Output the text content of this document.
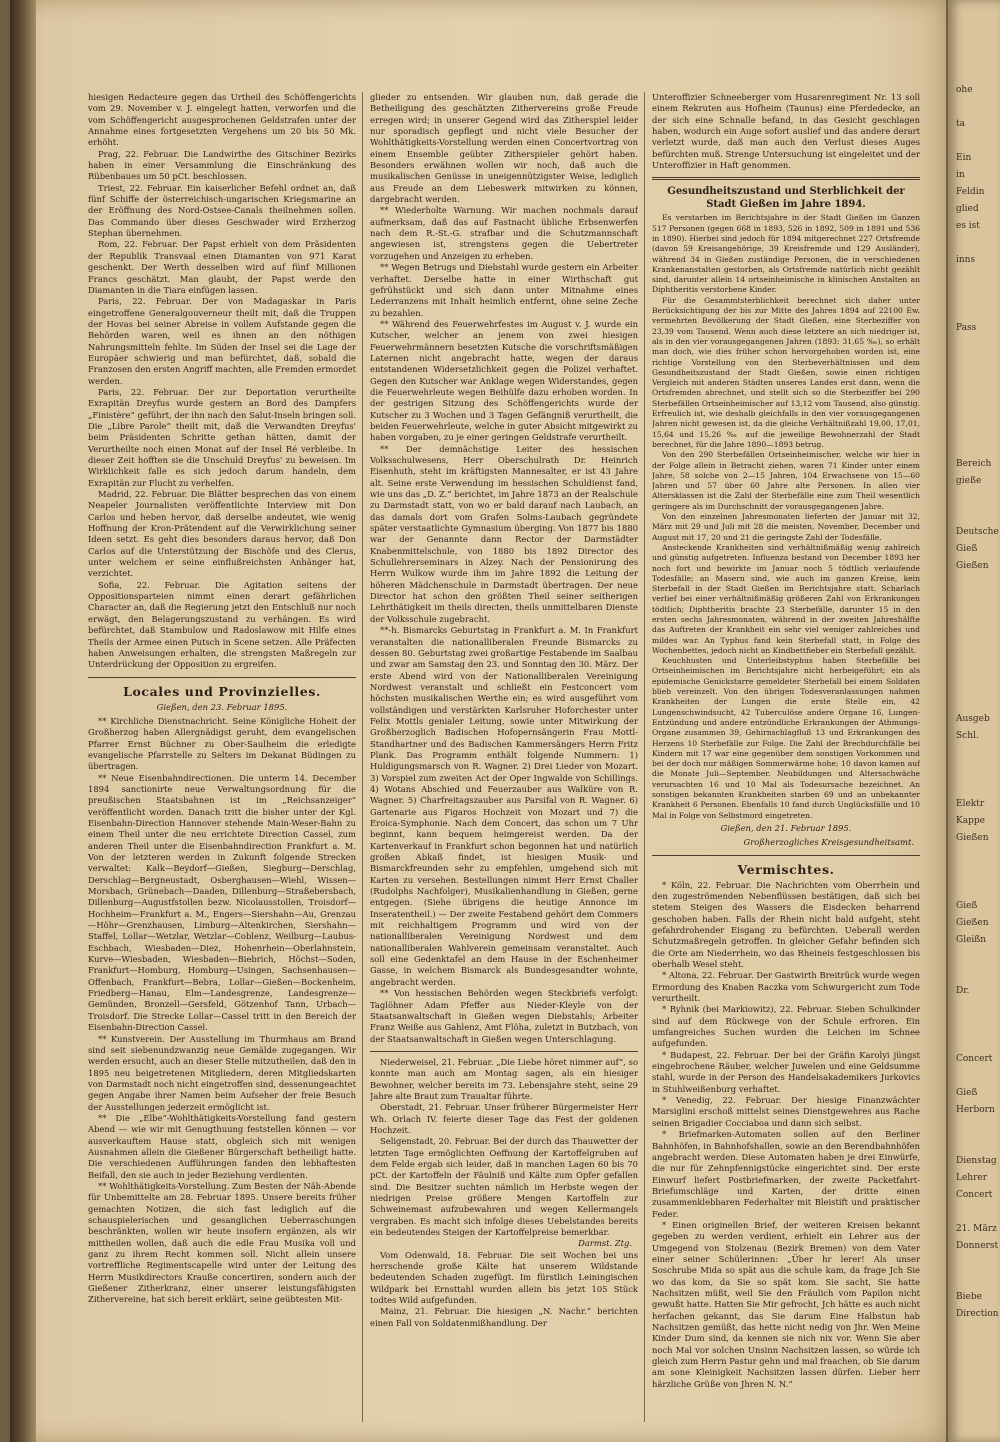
hiesigen Redacteure gegen das Urtheil des Schöffengerichts vom 29. November v. J. eingelegt hatten, verworfen und die vom Schöffengericht ausgesprochenen Geldstrafen unter der Annahme eines fortgesetzten Vergehens um 20 bis 50 Mk. erhöht.

Prag, 22. Februar. Die Landwirthe des Gitschiner Bezirks haben in einer Versammlung die Einschränkung des Rübenbaues um 50 pCt. beschlossen.

Triest, 22. Februar. Ein kaiserlicher Befehl ordnet an, daß fünf Schiffe der österreichisch-ungarischen Kriegsmarine an der Eröffnung des Nord-Ostsee-Canals theilnehmen sollen. Das Commando über dieses Geschwader wird Erzherzog Stephan übernehmen.

Rom, 22. Februar. Der Papst erhielt von dem Präsidenten der Republik Transvaal einen Diamanten von 971 Karat geschenkt. Der Werth desselben wird auf fünf Millionen Francs geschätzt. Man glaubt, der Papst werde den Diamanten in die Tiara einfügen lassen.

Paris, 22. Februar. Der von Madagaskar in Paris eingetroffene Generalgouverneur theilt mit, daß die Truppen der Hovas bei seiner Abreise in vollem Aufstande gegen die Behörden waren, weil es ihnen an den nöthigen Nahrungsmitteln fehlte. Im Süden der Insel sei die Lage der Europäer schwierig und man befürchtet, daß, sobald die Franzosen den ersten Angriff machten, alle Fremden ermordet werden.

Paris, 22. Februar. Der zur Deportation verurtheilte Exrapitän Dreyfus wurde gestern an Bord des Dampfers „Finistère“ geführt, der ihn nach den Salut-Inseln bringen soll. Die „Libre Parole“ theilt mit, daß die Verwandten Dreyfus' beim Präsidenten Schritte gethan hätten, damit der Verurtheilte noch einen Monat auf der Insel Ré verbleibe. In dieser Zeit hofften sie die Unschuld Dreyfus' zu beweisen. Im Wirklichkeit falle es sich jedoch darum handeln, dem Exrapitän zur Flucht zu verhelfen.

Madrid, 22. Februar. Die Blätter besprechen das von einem Neapeler Journalisten veröffentlichte Interview mit Don Carlos und heben hervor, daß derselbe andeutet, wie wenig Hoffnung der Kron-Prätendent auf die Verwirklichung seiner Ideen setzt. Es geht dies besonders daraus hervor, daß Don Carlos auf die Unterstützung der Bischöfe und des Clerus, unter welchem er seine einflußreichsten Anhänger hat, verzichtet.

Sofia, 22. Februar. Die Agitation seitens der Oppositionsparteien nimmt einen derart gefährlichen Character an, daß die Regierung jetzt den Entschluß nur noch erwägt, den Belagerungszustand zu verhängen. Es wird befürchtet, daß Stambulow und Radoslawow mit Hilfe eines Theils der Armee einen Putsch in Scene setzen. Alle Präfecten haben Anweisungen erhalten, die strengsten Maßregeln zur Unterdrückung der Opposition zu ergreifen.

Locales und Provinzielles.
Gießen, den 23. Februar 1895.

** Kirchliche Dienstnachricht. Seine Königliche Hoheit der Großherzog haben Allergnädigst geruht, dem evangelischen Pfarrer Ernst Büchner zu Ober-Saulheim die erledigte evangelische Pfarrstelle zu Selters im Dekanat Büdingen zu übertragen.

** Neue Eisenbahndirectionen. Die unterm 14. December 1894 sanctionirte neue Verwaltungsordnung für die preußischen Staatsbahnen ist im „Reichsanzeiger“ veröffentlicht worden. Danach tritt die bisher unter der Kgl. Eisenbahn-Direction Hannover stehende Main-Weser-Bahn zu einem Theil unter die neu errichtete Direction Cassel, zum anderen Theil unter die Eisenbahndirection Frankfurt a. M. Von der letzteren werden in Zukunft folgende Strecken verwaltet: Kalk—Beydorf—Gießen, Siegburg—Derschlag, Derschlag—Bergneustadt, Osberghausen—Wiehl, Wissen—Morsbach, Grünebach—Daaden, Dillenburg—Straßebersbach, Dillenburg—Augustfstollen bezw. Nicolausstollen, Troisdorf—Hochheim—Frankfurt a. M., Engers—Siershahn—Au, Grenzau—Höhr—Grenzhausen, Limburg—Altenkirchen, Siershahn—Staffel, Lollar—Wetzlar, Wetzlar—Coblenz, Weilburg—Laubus-Eschbach, Wiesbaden—Diez, Hohenrhein—Oberlahnstein, Kurve—Wiesbaden, Wiesbaden—Biebrich, Höchst—Soden, Frankfurt—Homburg, Homburg—Usingen, Sachsenhausen—Offenbach, Frankfurt—Bebra, Lollar—Gießen—Bockenheim, Friedberg—Hanau, Elm—Landesgrenze, Landesgrenze—Gemünden, Bronzell—Gersfeld, Götzenhof Tann, Urbach—Troisdorf. Die Strecke Lollar—Cassel tritt in den Bereich der Eisenbahn-Direction Cassel.

** Kunstverein. Der Ausstellung im Thurmhaus am Brand sind seit siebenundzwanzig neue Gemälde zugegangen. Wir werden ersucht, auch an dieser Stelle mitzutheilen, daß den in 1895 neu beigetretenen Mitgliedern, deren Mitgliedskarten von Darmstadt noch nicht eingetroffen sind, dessenungeachtet gegen Angabe ihrer Namen beim Aufseher der freie Besuch der Ausstellungen jederzeit ermöglicht ist.

** Die „Elbe“-Wohlthätigkeits-Vorstellung fand gestern Abend — wie wir mit Genugthuung feststellen können — vor ausverkauftem Hause statt, obgleich sich mit wenigen Ausnahmen allein die Gießener Bürgerschaft betheiligt hatte. Die verschiedenen Aufführungen fanden den lebhaftesten Beifall, den sie auch in jeder Beziehung verdienten.

** Wohlthätigkeits-Vorstellung. Zum Besten der Näh-Abende für Unbemittelte am 28. Februar 1895. Unsere bereits früher gemachten Notizen, die sich fast lediglich auf die schauspielerischen und gesanglichen Ueberraschungen beschränkten, wollen wir heute insofern ergänzen, als wir mittheilen wollen, daß auch die edle Frau Musika voll und ganz zu ihrem Recht kommen soll. Nicht allein unsere vortreffliche Regimentscapelle wird unter der Leitung des Herrn Musikdirectors Krauße concertiren, sondern auch der Gießener Zitherkranz, einer unserer leistungsfähigsten Zithervereine, hat sich bereit erklärt, seine geübtesten Mit-

glieder zu entsenden. Wir glauben nun, daß gerade die Betheiligung des geschätzten Zithervereins große Freude erregen wird; in unserer Gegend wird das Zitherspiel leider nur sporadisch gepflegt und nicht viele Besucher der Wohlthätigkeits-Vorstellung werden einen Concertvortrag von einem Ensemble geübter Zitherspieler gehört haben. Besonders erwähnen wollen wir noch, daß auch die musikalischen Genüsse in uneigennützigster Weise, lediglich aus Freude an dem Liebeswerk mitwirken zu können, dargebracht werden.

** Wiederholte Warnung. Wir machen nochmals darauf aufmerksam, daß das auf Fastnacht übliche Erbsenwerfen nach dem R.-St.-G. strafbar und die Schutzmannschaft angewiesen ist, strengstens gegen die Uebertreter vorzugehen und Anzeigen zu erheben.

** Wegen Betrugs und Diebstahl wurde gestern ein Arbeiter verhaftet. Derselbe hatte in einer Wirthschaft gut gefrühstückt und sich dann unter Mitnahme eines Lederranzens mit Inhalt heimlich entfernt, ohne seine Zeche zu bezahlen.

** Während des Feuerwehrfestes im August v. J. wurde ein Kutscher, welcher an jenem von zwei hiesigen Feuerwehrmännern besetzten Kutsche die vorschriftsmäßigen Laternen nicht angebracht hatte, wegen der daraus entstandenen Widersetzlichkeit gegen die Polizei verhaftet. Gegen den Kutscher war Anklage wegen Widerstandes, gegen die Feuerwehrleute wegen Beihülfe dazu erhoben worden. In der gestrigen Sitzung des Schöffengerichts wurde der Kutscher zu 3 Wochen und 3 Tagen Gefängniß verurtheilt, die beiden Feuerwehrleute, welche in guter Absicht mitgewirkt zu haben vorgaben, zu je einer geringen Geldstrafe verurtheilt.

** Der demnächstige Leiter des hessischen Volksschulwesens, Herr Oberschulrath Dr. Heinrich Eisenhuth, steht im kräftigsten Mannesalter, er ist 43 Jahre alt. Seine erste Verwendung im hessischen Schuldienst fand, wie uns das „D. Z.“ berichtet, im Jahre 1873 an der Realschule zu Darmstadt statt, von wo er bald darauf nach Laubach, an das damals dort vom Grafen Solms-Laubach gegründete später verstaatlichte Gymnasium überging. Von 1877 bis 1880 war der Genannte dann Rector der Darmstädter Knabenmittelschule, von 1880 bis 1892 Director des Schullehrerseminars in Alzey. Nach der Pensionirung des Herrn Wulkow wurde ihm im Jahre 1892 die Leitung der höheren Mädchenschule in Darmstadt übertragen. Der neue Director hat schon den größten Theil seiner seitherigen Lehrthätigkeit im theils directen, theils unmittelbaren Dienste der Volksschule zugebracht.

**-h. Bismarcks Geburtstag in Frankfurt a. M. In Frankfurt veranstalten die nationalliberalen Freunde Bismarcks zu dessen 80. Geburtstag zwei großartige Festabende im Saalbau und zwar am Samstag den 23. und Sonntag den 30. März. Der erste Abend wird von der Nationalliberalen Vereinigung Nordwest veranstalt und schließt ein Festconcert vom höchsten musikalischen Werthe ein; es wird ausgeführt vom vollständigen und verstärkten Karlsruher Hoforchester unter Felix Mottls genialer Leitung, sowie unter Mitwirkung der Großherzoglich Badischen Hofopernsängerin Frau Mottl-Standhartner und des Badischen Kammersängers Herrn Fritz Plank. Das Programm enthält folgende Nummern: 1) Huldigungsmarsch von R. Wagner. 2) Drei Lieder von Mozart. 3) Vorspiel zum zweiten Act der Oper Ingwalde von Schillings. 4) Wotans Abschied und Feuerzauber aus Walküre von R. Wagner. 5) Charfreitagszauber aus Parsifal von R. Wagner. 6) Gartenarie aus Figaros Hochzeit von Mozart und 7) die Eroica-Symphonie. Nach dem Concert, das schon um 7 Uhr beginnt, kann bequem heimgereist werden. Da der Kartenverkauf in Frankfurt schon begonnen hat und natürlich großen Abkaß findet, ist hiesigen Musik- und Bismarckfreunden sehr zu empfehlen, umgehend sich mit Karten zu versehen. Bestellungen nimmt Herr Ernst Challer (Rudolphs Nachfolger), Musikalienhandlung in Gießen, gerne entgegen. (Siehe übrigens die heutige Annonce im Inseratentheil.) — Der zweite Festabend gehört dem Commers mit reichhaltigem Programm und wird von der nationalliberalen Vereinigung Nordwest und dem nationalliberalen Wahlverein gemeinsam veranstaltet. Auch soll eine Gedenktafel an dem Hause in der Eschenheimer Gasse, in welchem Bismarck als Bundesgesandter wohnte, angebracht werden.

** Von hessischen Behörden wegen Steckbriefs verfolgt: Taglöhner Adam Pfeffer aus Nieder-Kleyle von der Staatsanwaltschaft in Gießen wegen Diebstahls; Arbeiter Franz Weiße aus Gahlenz, Amt Flöha, zuletzt in Butzbach, von der Staatsanwaltschaft in Gießen wegen Unterschlagung.

Niederweisel, 21. Februar. „Die Liebe höret nimmer auf“, so konnte man auch am Montag sagen, als ein hiesiger Bewohner, welcher bereits im 73. Lebensjahre steht, seine 29 Jahre alte Braut zum Traualtar führte.

Oberstadt, 21. Februar. Unser früherer Bürgermeister Herr Wh. Orlach IV. feierte dieser Tage das Fest der goldenen Hochzeit.

Seligenstadt, 20. Februar. Bei der durch das Thauwetter der letzten Tage ermöglichten Oeffnung der Kartoffelgruben auf dem Felde ergab sich leider, daß in manchen Lagen 60 bis 70 pCt. der Kartoffeln der Fäulniß und Kälte zum Opfer gefallen sind. Die Besitzer suchten nämlich im Herbste wegen der niedrigen Preise größere Mengen Kartoffeln zur Schweinemast aufzubewahren und wegen Kellermangels vergraben. Es macht sich infolge dieses Uebelstandes bereits ein bedeutendes Steigen der Kartoffelpreise bemerkbar.

Darmst. Ztg.

Vom Odenwald, 18. Februar. Die seit Wochen bei uns herrschende große Kälte hat unserem Wildstande bedeutenden Schaden zugefügt. Im fürstlich Leiningischen Wildpark bei Ernsttahl wurden allein bis jetzt 105 Stück todtes Wild aufgefunden.

Mainz, 21. Februar. Die hiesigen „N. Nachr.“ berichten einen Fall von Soldatenmißhandlung. Der

Unteroffizier Schneeberger vom Husarenregiment Nr. 13 soll einem Rekruten aus Hofheim (Taunus) eine Pferdedecke, an der sich eine Schnalle befand, in das Gesicht geschlagen haben, wodurch ein Auge sofort auslief und das andere derart verletzt wurde, daß man auch den Verlust dieses Auges befürchten muß. Strenge Untersuchung ist eingeleitet und der Unteroffizier in Haft genommen.

Gesundheitszustand und Sterblichkeit der Stadt Gießen im Jahre 1894.

Es verstarben im Berichtsjahre in der Stadt Gießen im Ganzen 517 Personen (gegen 668 in 1893, 526 in 1892, 509 in 1891 und 536 in 1890). Hierbei sind jedoch für 1894 mitgerechnet 227 Ortsfremde (davon 59 Kreisangehörige, 39 Kreisfremde und 129 Ausländer), während 34 in Gießen zuständige Personen, die in verschiedenen Krankenanstalten gestorben, als Ortsfremde natürlich nicht gezählt sind, darunter allein 14 ortseinheimische in klinischen Anstalten an Diphtheritis verstorbene Kinder.

Für die Gesammtsterblichkeit berechnet sich daher unter Berücksichtigung der bis zur Mitte des Jahres 1894 auf 22100 Ew. vermehrten Bevölkerung der Stadt Gießen, eine Sterbeziffer von 23,39 vom Tausend. Wenn auch diese letztere an sich niedriger ist, als in den vier vorausgegangenen Jahren (1893: 31,65 ‰), so erhält man doch, wie dies früher schon hervorgehoben worden ist, eine richtige Vorstellung von den Sterbeverhältnissen und dem Gesundheitszustand der Stadt Gießen, sowie einen richtigen Vergleich mit anderen Städten unseres Landes erst dann, wenn die Ortsfremden abrechnet, und stellt sich so die Sterbeziffer bei 290 Sterbefällen Ortseinheimischer auf 13,12 vom Tausend, also günstig. Erfreulich ist, wie deshalb gleichfalls in den vier vorausgegangenen Jahren nicht gewesen ist, da die gleiche Verhältnißzahl 19,00, 17,01, 15,64 und 15,26 ‰ auf die jeweilige Bewohnerzahl der Stadt berechnet, für die Jahre 1890—1893 betrug.

Von den 290 Sterbefällen Ortseinheimischer, welche wir hier in der Folge allein in Betracht ziehen, waren 71 Kinder unter einem Jahre, 58 solche von 2—15 Jahren, 104 Erwachsene von 15—60 Jahren und 57 über 60 Jahre alte Personen. In allen vier Altersklassen ist die Zahl der Sterbefälle eine zum Theil wesentlich geringere als im Durchschnitt der vorausgegangenen Jahre.

Von den einzelnen Jahresmonaten lieferten der Januar mit 32, März mit 29 und Juli mit 28 die meisten, November, December und August mit 17, 20 und 21 die geringste Zahl der Todesfälle.

Ansteckende Krankheiten sind verhältnißmäßig wenig zahlreich und günstig aufgetreten. Influenza bestand von December 1893 her noch fort und bewirkte im Januar noch 5 tödtlich verlaufende Todesfälle; an Masern sind, wie auch im ganzen Kreise, kein Sterbefall in der Stadt Gießen im Berichtsjahre statt. Scharlach verlief bei einer verhältnißmäßig größeren Zahl von Erkrankungen tödtlich; Diphtheritis brachte 23 Sterbefälle, darunter 15 in den ersten sechs Jahresmonaten, während in der zweiten Jahreshälfte das Auftreten der Krankheit ein sehr viel weniger zahlreiches und mildes war. An Typhus fand kein Sterbefall statt, in Folge des Wochenbettes, jedoch nicht an Kindbettfieber ein Sterbefall gezählt.

Keuchhusten und Unterleibstyphus haben Sterbefälle bei Ortseinheimischen im Berichtsjahre nicht herbeigeführt; ein als epidemische Genickstarre gemeldeter Sterbefall bei einem Soldaten blieb vereinzelt. Von den übrigen Todesveranlassungen nahmen Krankheiten der Lungen die erste Stelle ein, 42 Lungenschwindsucht, 42 Tuberculöse andere Organe 16, Lungen-Entzündung und andere entzündliche Erkrankungen der Athmungs-Organe zusammen 39, Gehirnschlagfluß 13 und Erkrankungen des Herzens 10 Sterbefälle zur Folge. Die Zahl der Brechdurchfälle bei Kindern mit 17 war eine gegenüber dem sonstigen Vorkommen und bei der doch nur mäßigen Sommerwärme hohe; 10 davon kamen auf die Monate Juli—September. Neubildungen und Altersschwäche verursachten 16 und 10 Mal als Todesursache bezeichnet. An sonstigen bekannten Krankheiten starben 69 und an unbekannter Krankheit 6 Personen. Ebenfalls 10 fand durch Unglücksfälle und 10 Mal in Folge von Selbstmord eingetreten.

Gießen, den 21. Februar 1895.
Großherzogliches Kreisgesundheitsamt.
Vermischtes.

* Köln, 22. Februar. Die Nachrichten vom Oberrhein und den zugeströmenden Nebenflüssen bestätigen, daß sich bei stetem Steigen des Wassers die Eisdecken beharrend geschoben haben. Falls der Rhein nicht bald aufgeht, steht gefahrdrohender Eisgang zu befürchten. Ueberall werden Schutzmaßregeln getroffen. In gleicher Gefahr befinden sich die Orte am Niederrhein, wo das Rheineis festgeschlossen bis oberhalb Wesel steht.

* Altona, 22. Februar. Der Gastwirth Breitrück wurde wegen Ermordung des Knaben Raczka vom Schwurgericht zum Tode verurtheilt.

* Ryhnik (bei Markiowitz), 22. Februar. Sieben Schulkinder sind auf dem Rückwege von der Schule erfroren. Ein umfangreiches Suchen wurden die Leichen im Schnee aufgefunden.

* Budapest, 22. Februar. Der bei der Gräfin Karolyi jüngst eingebrochene Räuber, welcher Juwelen und eine Geldsumme stahl, wurde in der Person des Handelsakademikers Jurkovics in Stuhlweißenburg verhaftet.

* Venedig, 22. Februar. Der hiesige Finanzwächter Marsiglini erschoß mittelst seines Dienstgewehres aus Rache seinen Brigadier Cocciaboa und dann sich selbst.

* Briefmarken-Automaten sollen auf den Berliner Bahnhöfen, in Bahnhofshallen, sowie an den Berendbahnhöfen angebracht werden. Diese Automaten haben je drei Einwürfe, die nur für Zehnpfennigstücke eingerichtet sind. Der erste Einwurf liefert Postbriefmarken, der zweite Packetfahrt-Briefumschläge und Karten, der dritte einen zusammenklebbaren Federhalter mit Bleistift und praktischer Feder.

* Einen originellen Brief, der weiteren Kreisen bekannt gegeben zu werden verdient, erhielt ein Lehrer aus der Umgegend von Stolzenau (Bezirk Bremen) von dem Vater einer seiner Schülerinnen: „Über hr lerer! Als unser Soschrube Mida so spät aus die schule kam, da frage Jch Sie wo das kom, da Sie so spät kom. Sie sacht, Sie hatte Nachsitzen müßt, weil Sie den Fräulich vom Papilon nicht gewußt hatte. Hatten Sie Mir gefrocht, Jch hätte es auch nicht herfachen gekannt, das Sie darum Eine Halbstun hab Nachsitzen gemüßt, das hette nicht nedig von Jhr. Wen Meine Kinder Dum sind, da kennen sie nich nix vor. Wenn Sie aber noch Mal vor solchen Unsinn Nachsitzen lassen, so würde ich gleich zum Herrn Pastur gehn und mal fraachen, ob Sie darum am sone Kleinigkeit Nachsitzen lassen dürfen. Lieber herr härzliche Grüße von Jhren N. N.“

ohe

ta

Ein

in

Feldin

glied

es ist

inns

Pass

Bereich

gieße

Deutsche

Gieß

Gießen

Ausgeb

Schl.

Elektr

Kappe

Gießen

Gieß

Gießen

Gleißn

Dr.

Concert

Gieß

Herborn

Dienstag

Lehrer

Concert

21. März

Donnerst

Biebe

Direction
